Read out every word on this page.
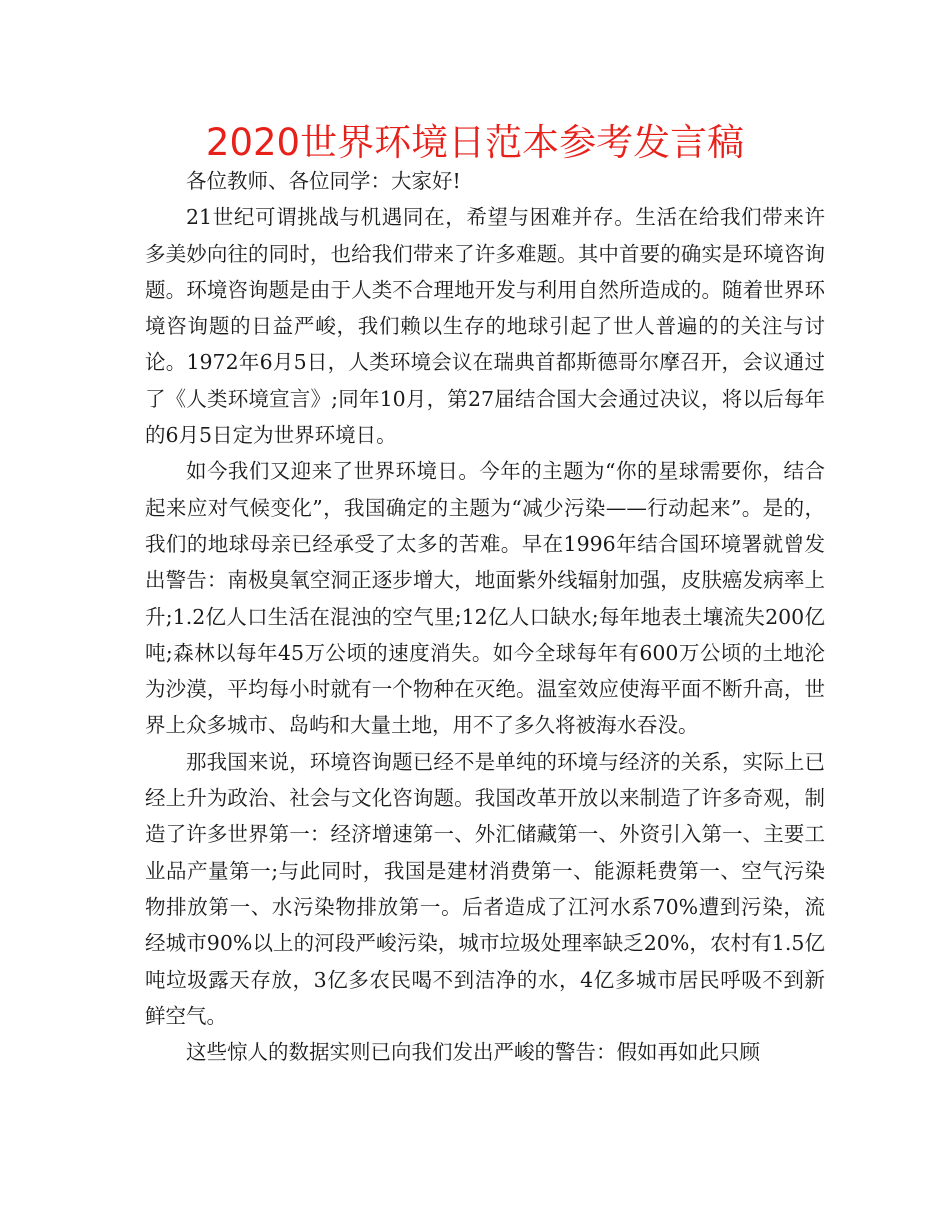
2020世界环境日范本参考发言稿

各位教师、各位同学：大家好!

21世纪可谓挑战与机遇同在，希望与困难并存。生活在给我们带来许多美妙向往的同时，也给我们带来了许多难题。其中首要的确实是环境咨询题。环境咨询题是由于人类不合理地开发与利用自然所造成的。随着世界环境咨询题的日益严峻，我们赖以生存的地球引起了世人普遍的的关注与讨论。1972年6月5日，人类环境会议在瑞典首都斯德哥尔摩召开，会议通过了《人类环境宣言》;同年10月，第27届结合国大会通过决议，将以后每年的6月5日定为世界环境日。

如今我们又迎来了世界环境日。今年的主题为“你的星球需要你，结合起来应对气候变化”，我国确定的主题为“减少污染——行动起来”。是的，我们的地球母亲已经承受了太多的苦难。早在1996年结合国环境署就曾发出警告：南极臭氧空洞正逐步增大，地面紫外线辐射加强，皮肤癌发病率上升;1.2亿人口生活在混浊的空气里;12亿人口缺水;每年地表土壤流失200亿吨;森林以每年45万公顷的速度消失。如今全球每年有600万公顷的土地沦为沙漠，平均每小时就有一个物种在灭绝。温室效应使海平面不断升高，世界上众多城市、岛屿和大量土地，用不了多久将被海水吞没。

那我国来说，环境咨询题已经不是单纯的环境与经济的关系，实际上已经上升为政治、社会与文化咨询题。我国改革开放以来制造了许多奇观，制造了许多世界第一：经济增速第一、外汇储藏第一、外资引入第一、主要工业品产量第一;与此同时，我国是建材消费第一、能源耗费第一、空气污染物排放第一、水污染物排放第一。后者造成了江河水系70%遭到污染，流经城市90%以上的河段严峻污染，城市垃圾处理率缺乏20%，农村有1.5亿吨垃圾露天存放，3亿多农民喝不到洁净的水，4亿多城市居民呼吸不到新鲜空气。

这些惊人的数据实则已向我们发出严峻的警告：假如再如此只顾
